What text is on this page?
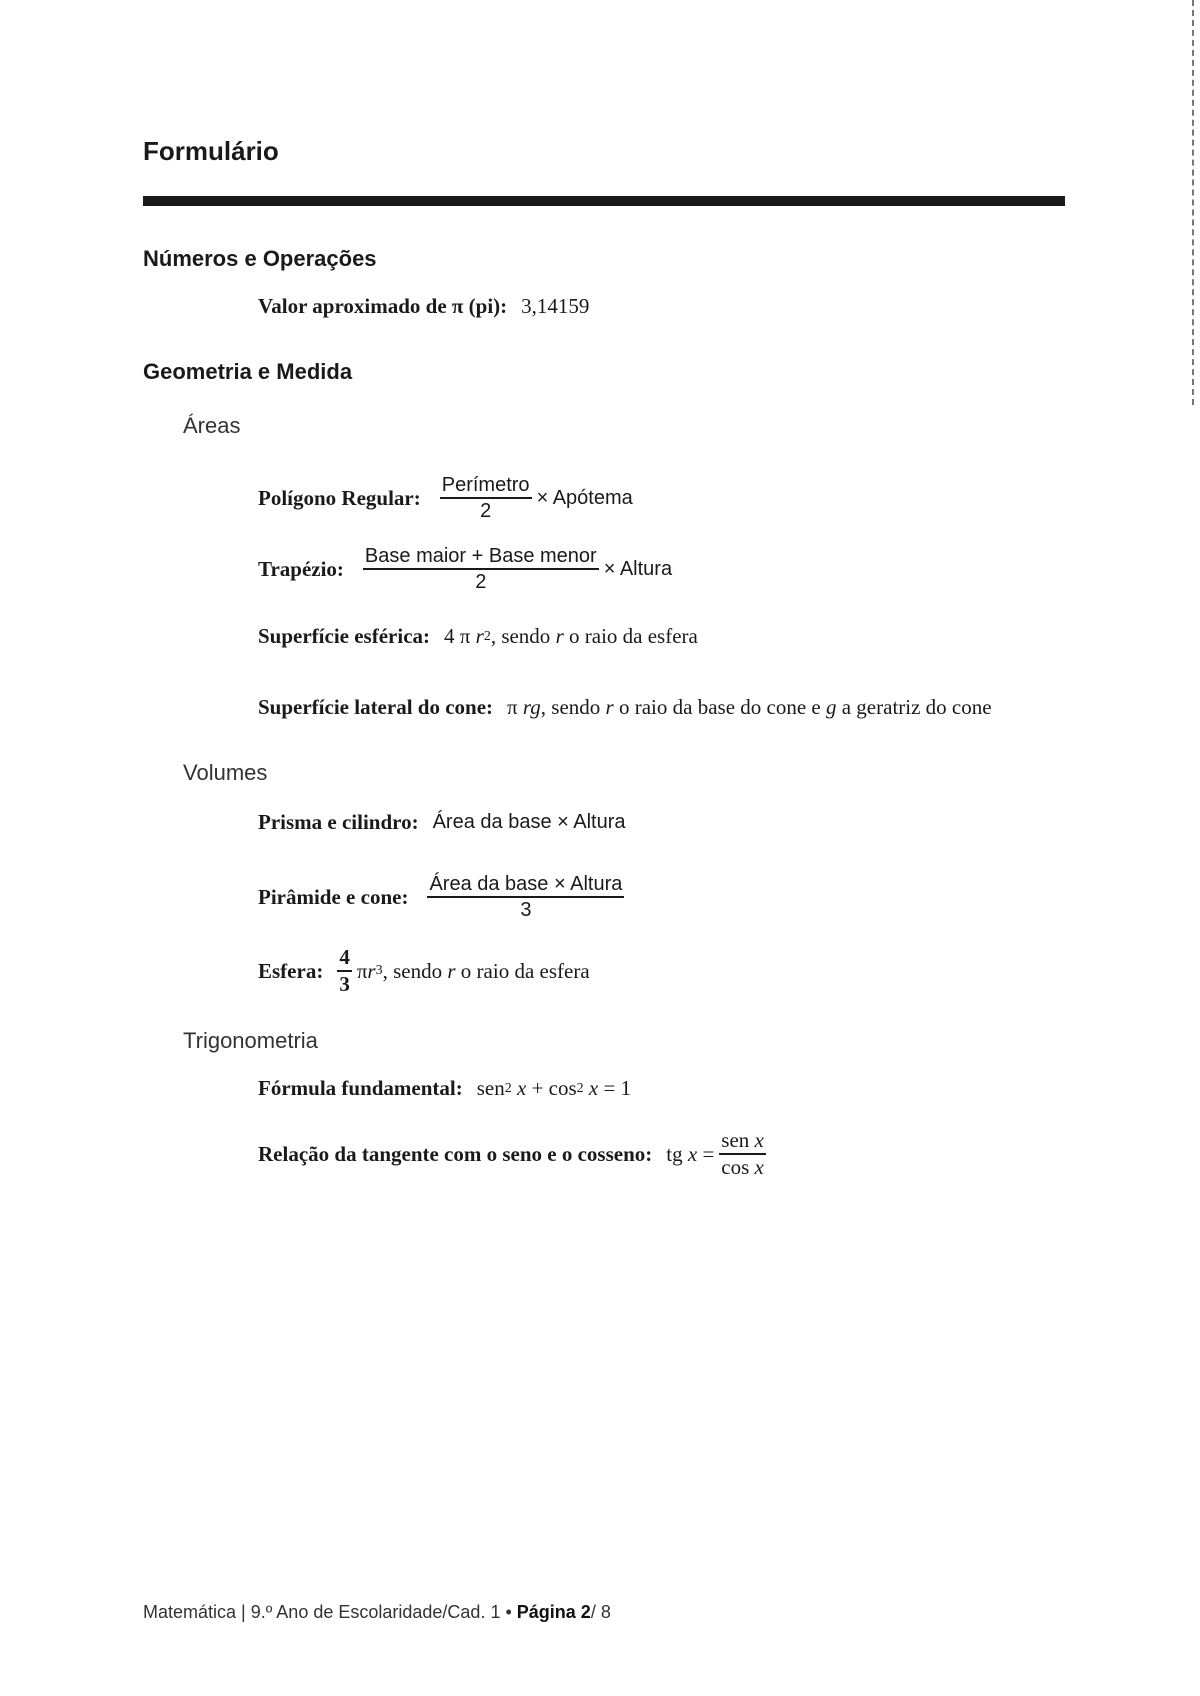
Formulário
Números e Operações
Valor aproximado de π (pi): 3,14159
Geometria e Medida
Áreas
Polígono Regular: $\frac{\text{Perímetro}}{2}$ × Apótema
Trapézio: $\frac{\text{Base maior + Base menor}}{2}$ × Altura
Superfície esférica: 4 π
r 2 , sendo
r
o raio da esfera
Superfície lateral do cone: π
rg , sendo
r
o raio da base do cone e
g
a geratriz do cone
Volumes
Prisma e cilindro: Área da base × Altura
Pirâmide e cone: $\frac{\text{Área da base × Altura}}{3}$
Esfera: $\frac{4}{3}$ π r 3 , sendo
r
o raio da esfera
Trigonometria
Fórmula fundamental: sen 2
x
+ cos 2
x
= 1
Relação da tangente com o seno e o cosseno: tg
x
= $\frac{\text{sen x}}{\text{cos x}}$
Matemática | 9.º Ano de Escolaridade/Cad. 1 • Página 2/ 8
